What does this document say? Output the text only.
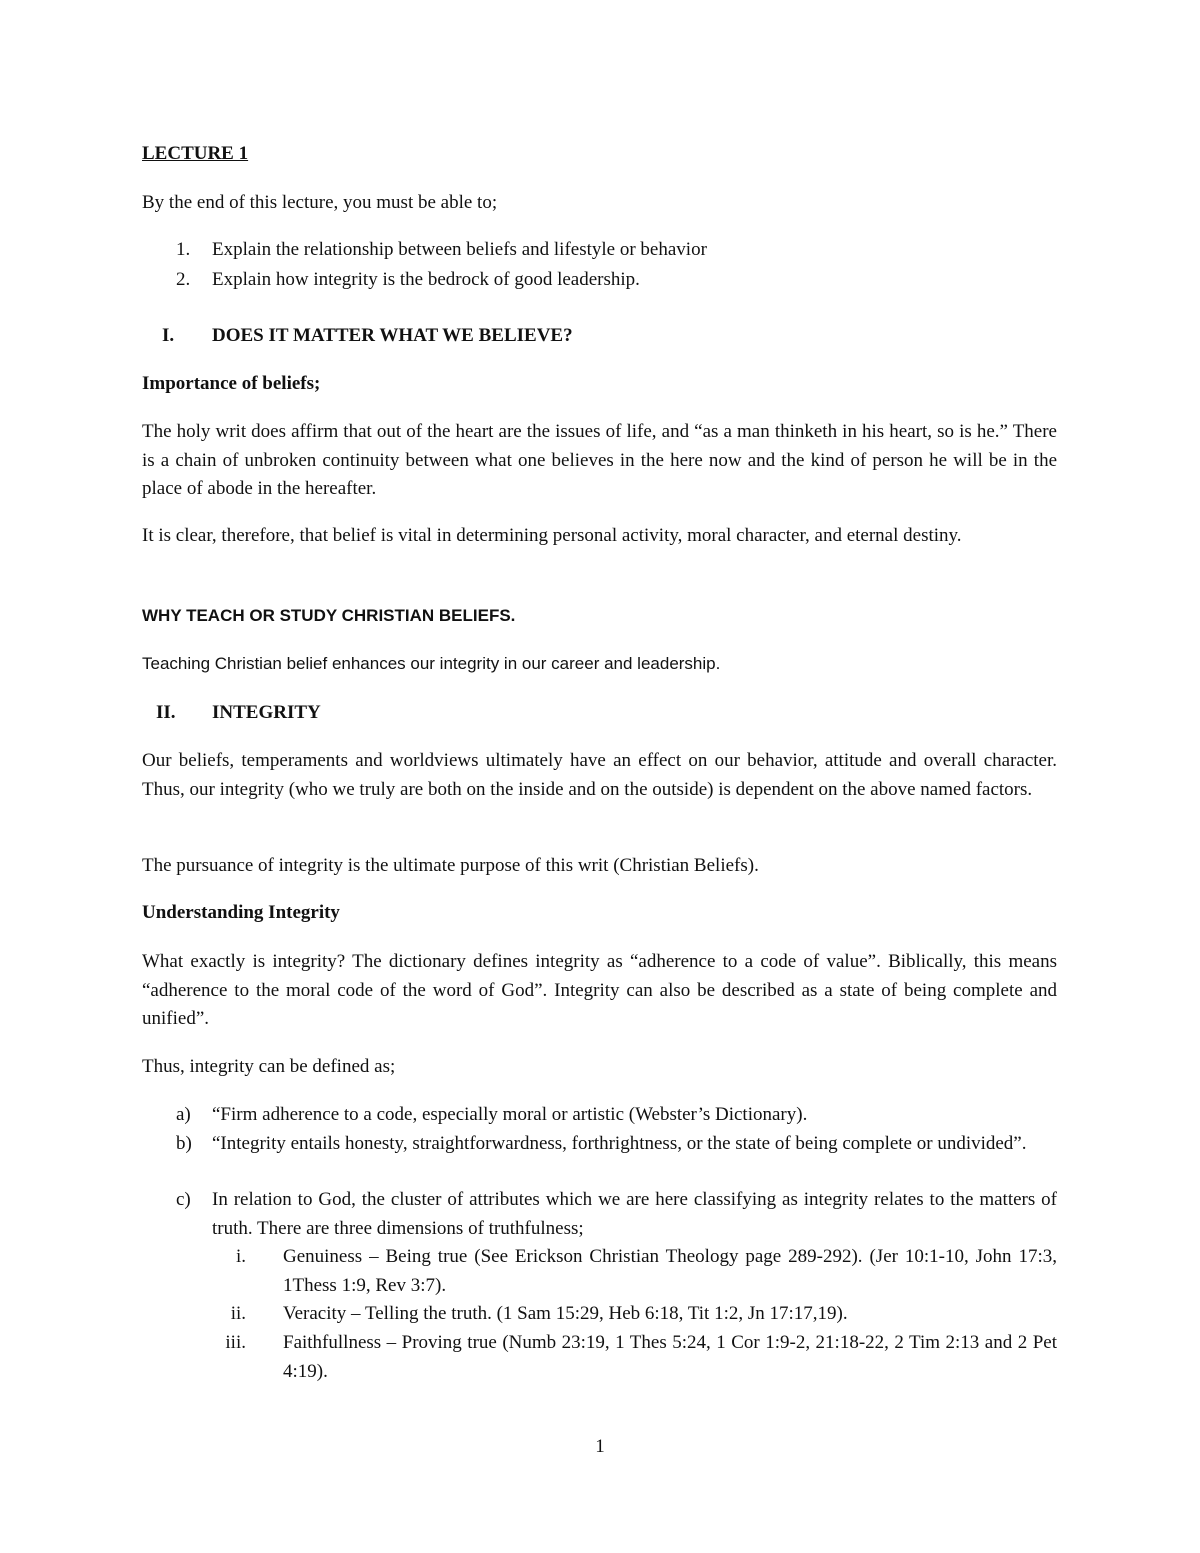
LECTURE 1
By the end of this lecture, you must be able to;
1. Explain the relationship between beliefs and lifestyle or behavior
2. Explain how integrity is the bedrock of good leadership.
I. DOES IT MATTER WHAT WE BELIEVE?
Importance of beliefs;
The holy writ does affirm that out of the heart are the issues of life, and “as a man thinketh in his heart, so is he.” There is a chain of unbroken continuity between what one believes in the here now and the kind of person he will be in the place of abode in the hereafter.
It is clear, therefore, that belief is vital in determining personal activity, moral character, and eternal destiny.
WHY TEACH OR STUDY CHRISTIAN BELIEFS.
Teaching Christian belief enhances our integrity in our career and leadership.
II. INTEGRITY
Our beliefs, temperaments and worldviews ultimately have an effect on our behavior, attitude and overall character. Thus, our integrity (who we truly are both on the inside and on the outside) is dependent on the above named factors.
The pursuance of integrity is the ultimate purpose of this writ (Christian Beliefs).
Understanding Integrity
What exactly is integrity? The dictionary defines integrity as “adherence to a code of value”. Biblically, this means “adherence to the moral code of the word of God”. Integrity can also be described as a state of being complete and unified”.
Thus, integrity can be defined as;
a) “Firm adherence to a code, especially moral or artistic (Webster’s Dictionary).
b) “Integrity entails honesty, straightforwardness, forthrightness, or the state of being complete or undivided”.
c) In relation to God, the cluster of attributes which we are here classifying as integrity relates to the matters of truth. There are three dimensions of truthfulness;
i. Genuiness – Being true (See Erickson Christian Theology page 289-292). (Jer 10:1-10, John 17:3, 1Thess 1:9, Rev 3:7).
ii. Veracity – Telling the truth. (1 Sam 15:29, Heb 6:18, Tit 1:2, Jn 17:17,19).
iii. Faithfullness – Proving true (Numb 23:19, 1 Thes 5:24, 1 Cor 1:9-2, 21:18-22, 2 Tim 2:13 and 2 Pet 4:19).
1
